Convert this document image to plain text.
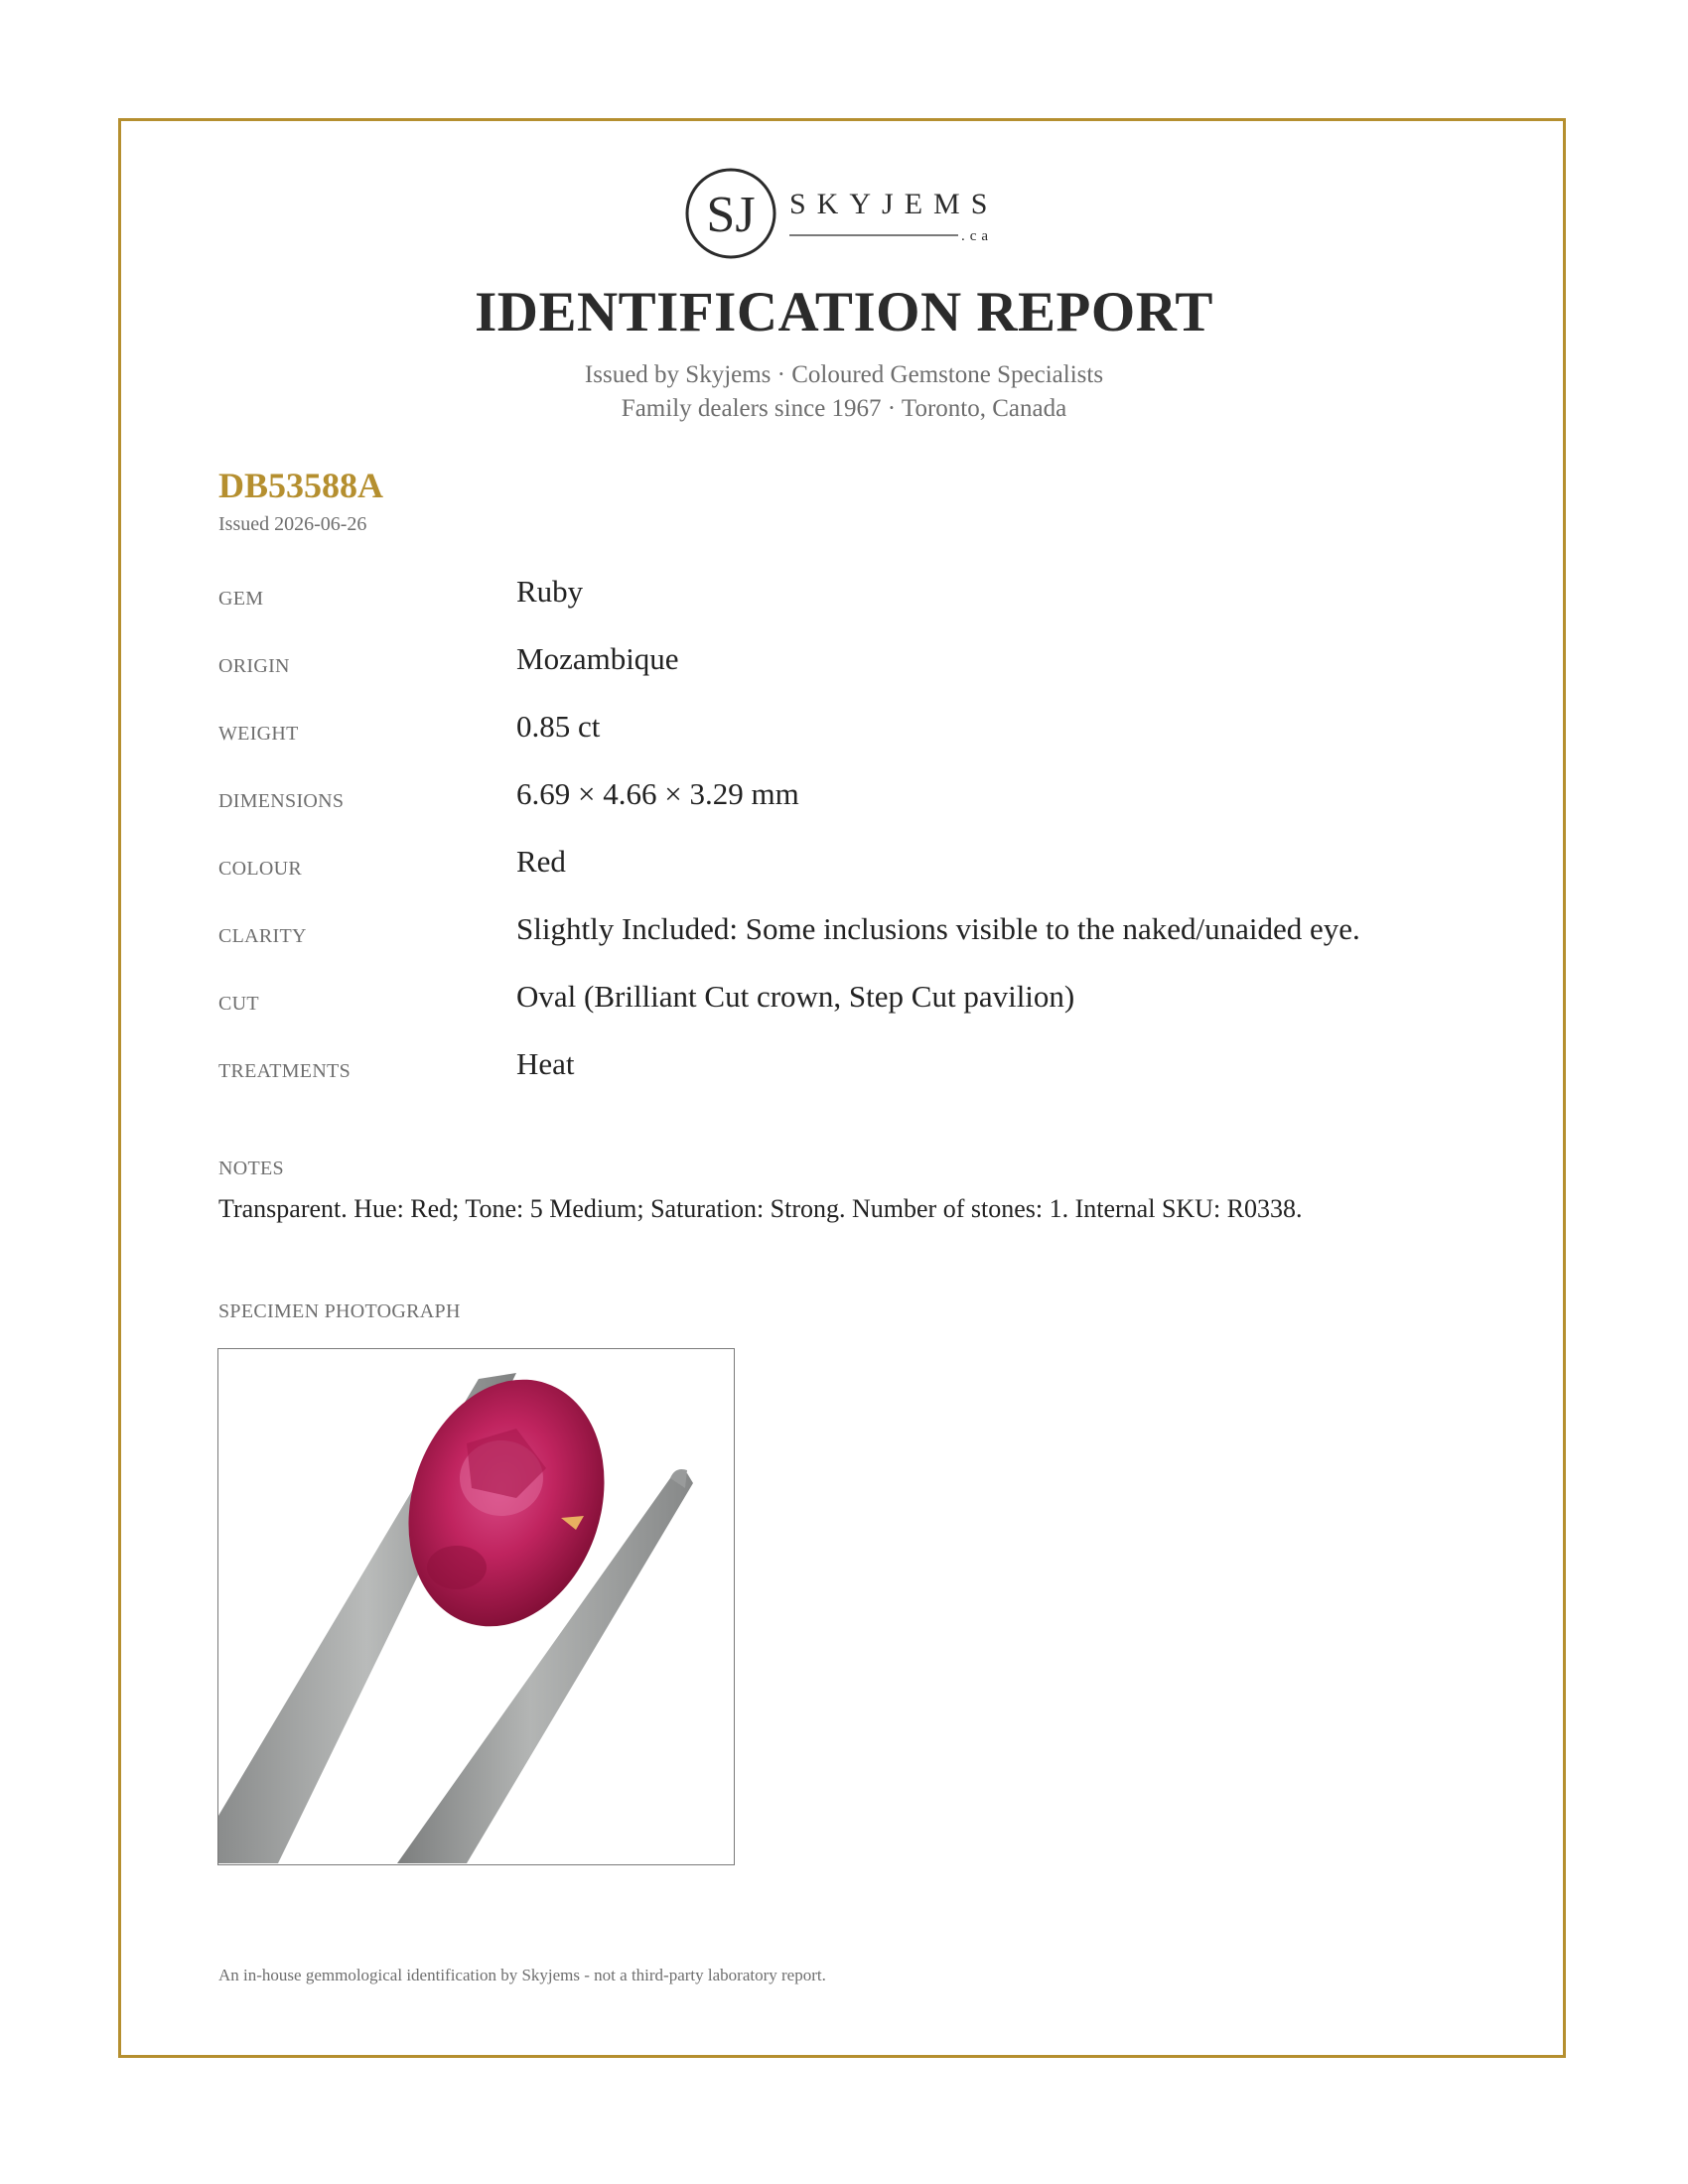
SJ SKYJEMS
.ca
IDENTIFICATION REPORT
Issued by Skyjems · Coloured Gemstone Specialists
Family dealers since 1967 · Toronto, Canada
DB53588A
Issued 2026-06-26
GEM	Ruby
ORIGIN	Mozambique
WEIGHT	0.85 ct
DIMENSIONS	6.69 × 4.66 × 3.29 mm
COLOUR	Red
CLARITY	Slightly Included: Some inclusions visible to the naked/unaided eye.
CUT	Oval (Brilliant Cut crown, Step Cut pavilion)
TREATMENTS	Heat
NOTES
Transparent. Hue: Red; Tone: 5 Medium; Saturation: Strong. Number of stones: 1. Internal SKU: R0338.
SPECIMEN PHOTOGRAPH
An in-house gemmological identification by Skyjems - not a third-party laboratory report.
